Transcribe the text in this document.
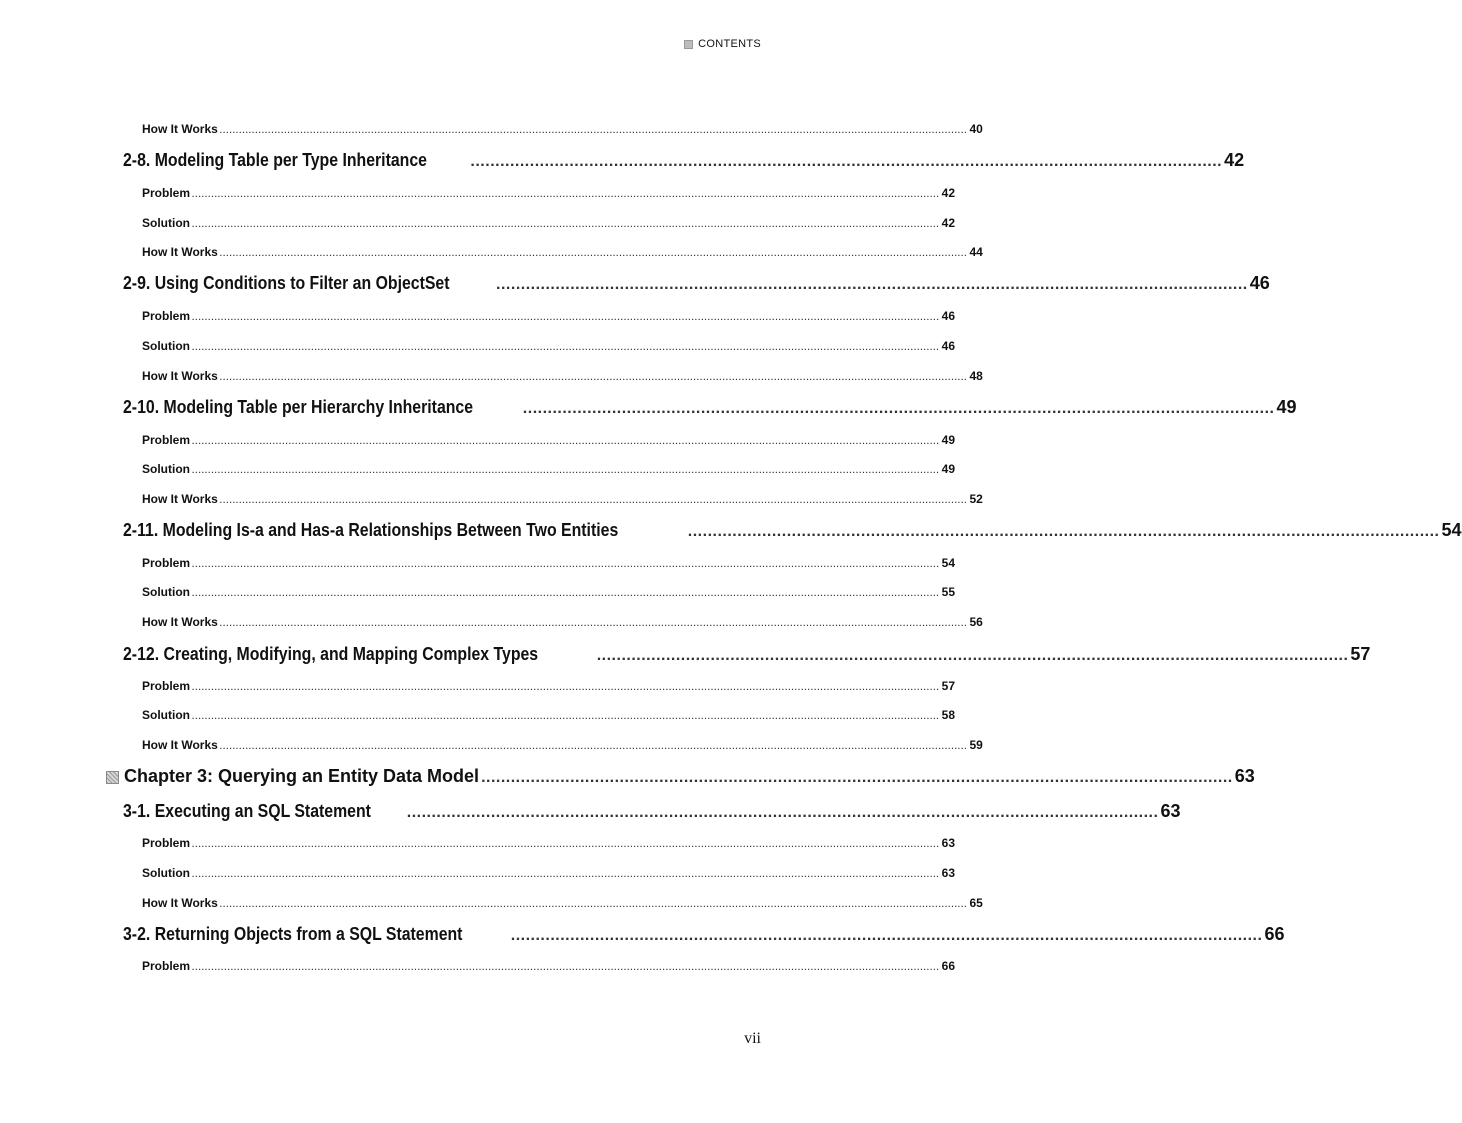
CONTENTS
How It Works ........................................................................................................................................................................................................................................ 40
2-8. Modeling Table per Type Inheritance	........................................................................................................................................................ 42
Problem ........................................................................................................................................................................................................................................ 42
Solution ........................................................................................................................................................................................................................................ 42
How It Works ........................................................................................................................................................................................................................................ 44
2-9. Using Conditions to Filter an ObjectSet	........................................................................................................................................................ 46
Problem ........................................................................................................................................................................................................................................ 46
Solution ........................................................................................................................................................................................................................................ 46
How It Works ........................................................................................................................................................................................................................................ 48
2-10. Modeling Table per Hierarchy Inheritance	........................................................................................................................................................ 49
Problem ........................................................................................................................................................................................................................................ 49
Solution ........................................................................................................................................................................................................................................ 49
How It Works ........................................................................................................................................................................................................................................ 52
2-11. Modeling Is-a and Has-a Relationships Between Two Entities	........................................................................................................................................................ 54
Problem ........................................................................................................................................................................................................................................ 54
Solution ........................................................................................................................................................................................................................................ 55
How It Works ........................................................................................................................................................................................................................................ 56
2-12. Creating, Modifying, and Mapping Complex Types	........................................................................................................................................................ 57
Problem ........................................................................................................................................................................................................................................ 57
Solution ........................................................................................................................................................................................................................................ 58
How It Works ........................................................................................................................................................................................................................................ 59
Chapter 3: Querying an Entity Data Model ........................................................................................................................................................ 63
3-1. Executing an SQL Statement ........................................................................................................................................................ 63
Problem ........................................................................................................................................................................................................................................ 63
Solution ........................................................................................................................................................................................................................................ 63
How It Works ........................................................................................................................................................................................................................................ 65
3-2. Returning Objects from a SQL Statement	........................................................................................................................................................ 66
Problem ........................................................................................................................................................................................................................................ 66
vii
